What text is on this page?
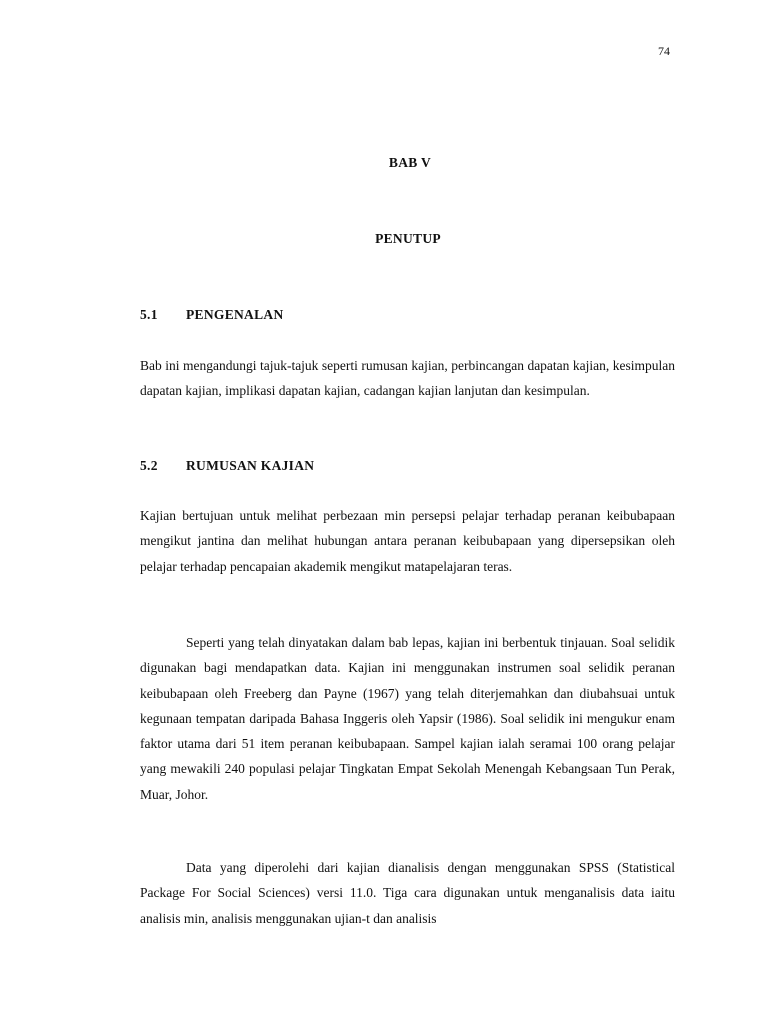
74
BAB V
PENUTUP
5.1 PENGENALAN

Bab ini mengandungi tajuk-tajuk seperti rumusan kajian, perbincangan dapatan kajian, kesimpulan dapatan kajian, implikasi dapatan kajian, cadangan kajian lanjutan dan kesimpulan.

5.2 RUMUSAN KAJIAN

Kajian bertujuan untuk melihat perbezaan min persepsi pelajar terhadap peranan keibubapaan mengikut jantina dan melihat hubungan antara peranan keibubapaan yang dipersepsikan oleh pelajar terhadap pencapaian akademik mengikut matapelajaran teras.

Seperti yang telah dinyatakan dalam bab lepas, kajian ini berbentuk tinjauan. Soal selidik digunakan bagi mendapatkan data. Kajian ini menggunakan instrumen soal selidik peranan keibubapaan oleh Freeberg dan Payne (1967) yang telah diterjemahkan dan diubahsuai untuk kegunaan tempatan daripada Bahasa Inggeris oleh Yapsir (1986). Soal selidik ini mengukur enam faktor utama dari 51 item peranan keibubapaan. Sampel kajian ialah seramai 100 orang pelajar yang mewakili 240 populasi pelajar Tingkatan Empat Sekolah Menengah Kebangsaan Tun Perak, Muar, Johor.

Data yang diperolehi dari kajian dianalisis dengan menggunakan SPSS (Statistical Package For Social Sciences) versi 11.0. Tiga cara digunakan untuk menganalisis data iaitu analisis min, analisis menggunakan ujian-t dan analisis
